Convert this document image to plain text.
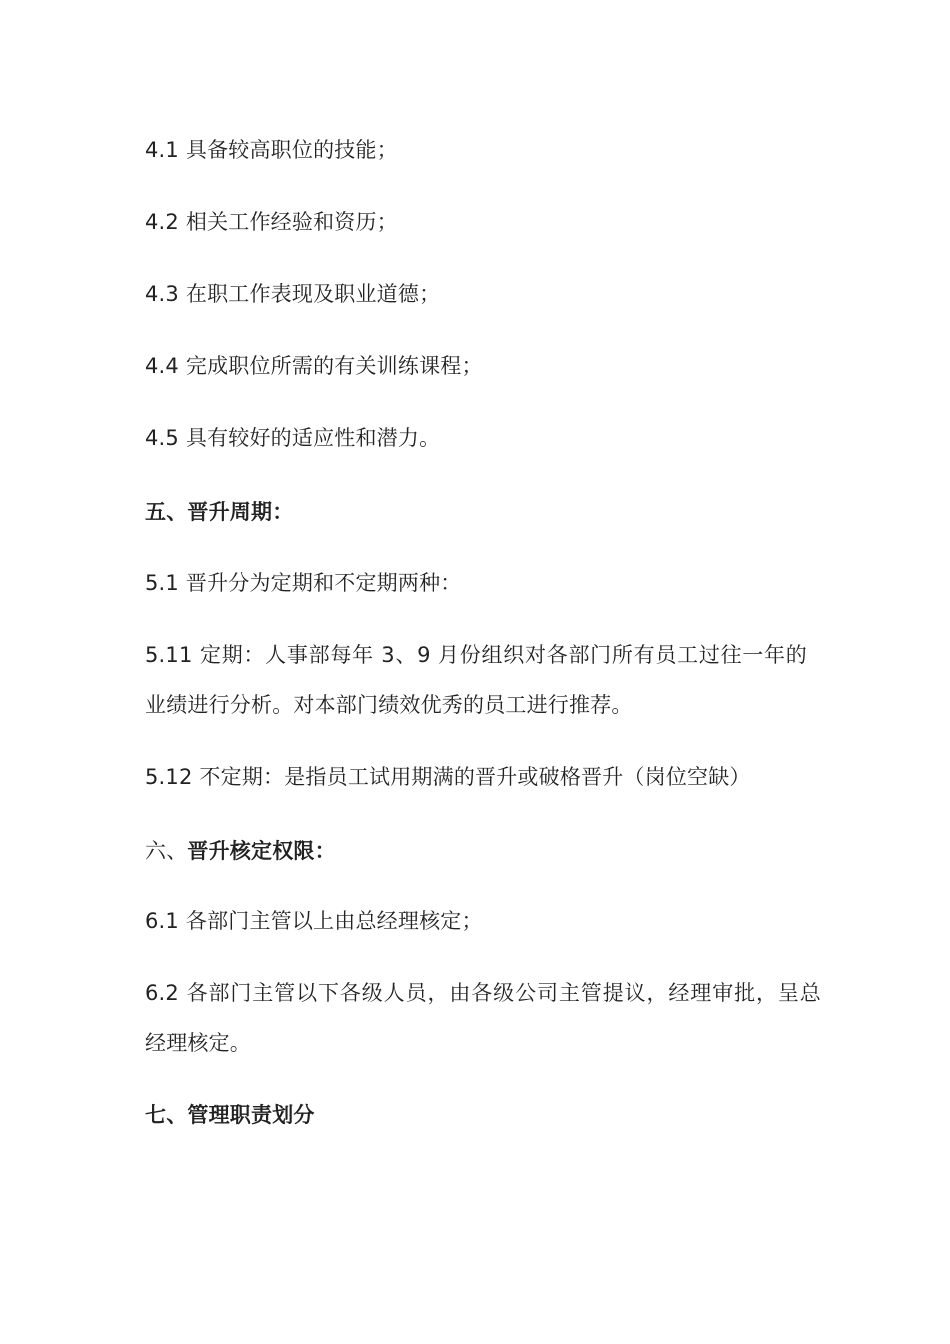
4.1 具备较高职位的技能；
4.2 相关工作经验和资历；
4.3 在职工作表现及职业道德；
4.4 完成职位所需的有关训练课程；
4.5 具有较好的适应性和潜力。
五、晋升周期：
5.1 晋升分为定期和不定期两种：
5.11 定期：人事部每年 3、9 月份组织对各部门所有员工过往一年的业绩进行分析。对本部门绩效优秀的员工进行推荐。
5.12 不定期：是指员工试用期满的晋升或破格晋升（岗位空缺）
六、晋升核定权限：
6.1 各部门主管以上由总经理核定；
6.2 各部门主管以下各级人员，由各级公司主管提议，经理审批，呈总经理核定。
七、管理职责划分
